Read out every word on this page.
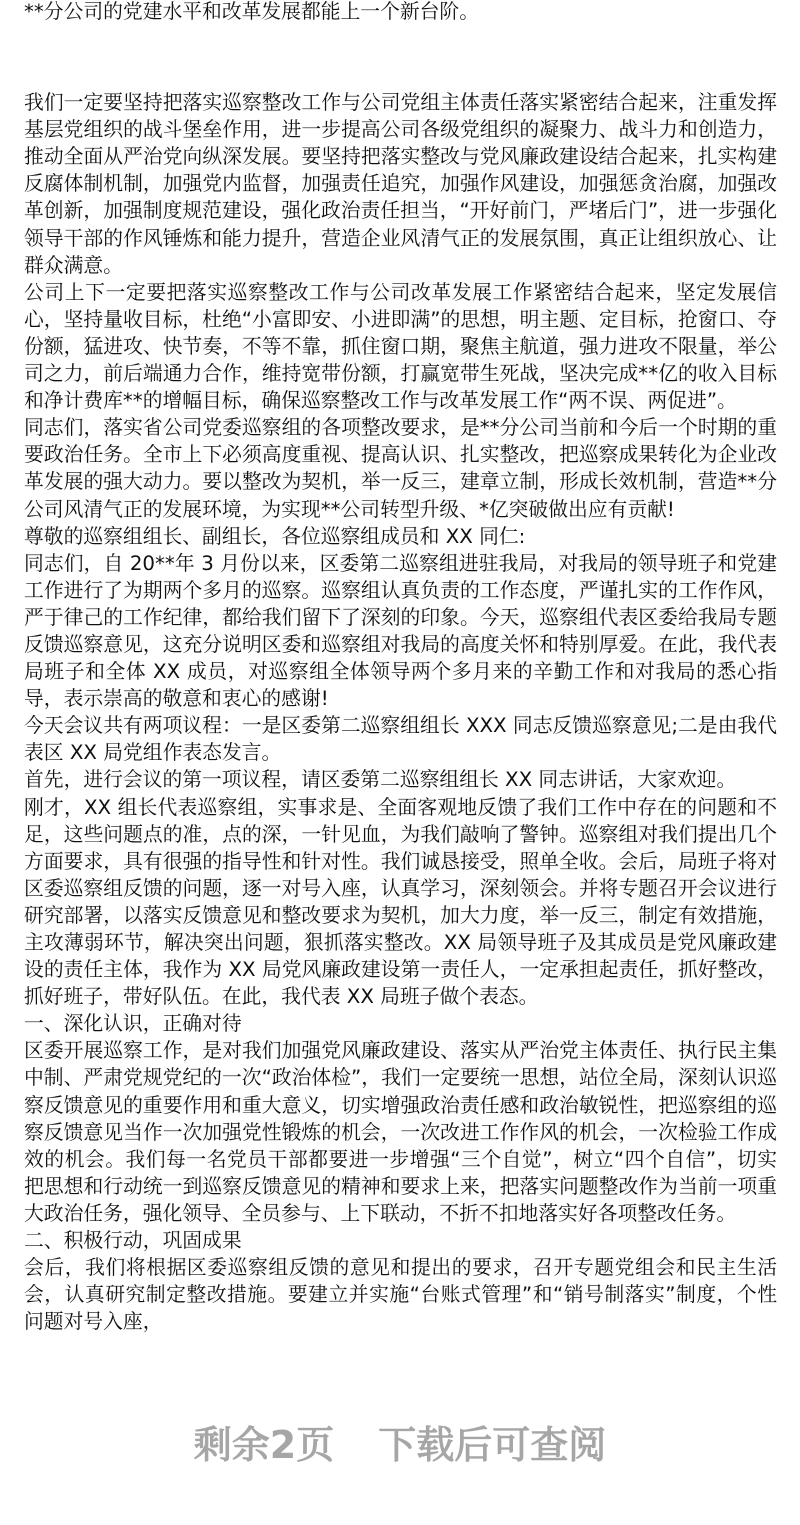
**分公司的党建水平和改革发展都能上一个新台阶。

我们一定要坚持把落实巡察整改工作与公司党组主体责任落实紧密结合起来，注重发挥基层党组织的战斗堡垒作用，进一步提高公司各级党组织的凝聚力、战斗力和创造力，推动全面从严治党向纵深发展。要坚持把落实整改与党风廉政建设结合起来，扎实构建反腐体制机制，加强党内监督，加强责任追究，加强作风建设，加强惩贪治腐，加强改革创新，加强制度规范建设，强化政治责任担当，“开好前门，严堵后门”，进一步强化领导干部的作风锤炼和能力提升，营造企业风清气正的发展氛围，真正让组织放心、让群众满意。

公司上下一定要把落实巡察整改工作与公司改革发展工作紧密结合起来，坚定发展信心，坚持量收目标，杜绝“小富即安、小进即满”的思想，明主题、定目标，抢窗口、夺份额，猛进攻、快节奏，不等不靠，抓住窗口期，聚焦主航道，强力进攻不限量，举公司之力，前后端通力合作，维持宽带份额，打赢宽带生死战，坚决完成**亿的收入目标和净计费库**的增幅目标，确保巡察整改工作与改革发展工作“两不误、两促进”。

同志们，落实省公司党委巡察组的各项整改要求，是**分公司当前和今后一个时期的重要政治任务。全市上下必须高度重视、提高认识、扎实整改，把巡察成果转化为企业改革发展的强大动力。要以整改为契机，举一反三，建章立制，形成长效机制，营造**分公司风清气正的发展环境，为实现**公司转型升级、*亿突破做出应有贡献!

尊敬的巡察组组长、副组长，各位巡察组成员和 XX 同仁:

同志们，自 20**年 3 月份以来，区委第二巡察组进驻我局，对我局的领导班子和党建工作进行了为期两个多月的巡察。巡察组认真负责的工作态度，严谨扎实的工作作风，严于律己的工作纪律，都给我们留下了深刻的印象。今天，巡察组代表区委给我局专题反馈巡察意见，这充分说明区委和巡察组对我局的高度关怀和特别厚爱。在此，我代表局班子和全体 XX 成员，对巡察组全体领导两个多月来的辛勤工作和对我局的悉心指导，表示崇高的敬意和衷心的感谢!

今天会议共有两项议程：一是区委第二巡察组组长 XXX 同志反馈巡察意见;二是由我代表区 XX 局党组作表态发言。

首先，进行会议的第一项议程，请区委第二巡察组组长 XX 同志讲话，大家欢迎。

刚才，XX 组长代表巡察组，实事求是、全面客观地反馈了我们工作中存在的问题和不足，这些问题点的准，点的深，一针见血，为我们敲响了警钟。巡察组对我们提出几个方面要求，具有很强的指导性和针对性。我们诚恳接受，照单全收。会后，局班子将对区委巡察组反馈的问题，逐一对号入座，认真学习，深刻领会。并将专题召开会议进行研究部署，以落实反馈意见和整改要求为契机，加大力度，举一反三，制定有效措施，主攻薄弱环节，解决突出问题，狠抓落实整改。XX 局领导班子及其成员是党风廉政建设的责任主体，我作为 XX 局党风廉政建设第一责任人，一定承担起责任，抓好整改，抓好班子，带好队伍。在此，我代表 XX 局班子做个表态。

一、深化认识，正确对待

区委开展巡察工作，是对我们加强党风廉政建设、落实从严治党主体责任、执行民主集中制、严肃党规党纪的一次“政治体检”，我们一定要统一思想，站位全局，深刻认识巡察反馈意见的重要作用和重大意义，切实增强政治责任感和政治敏锐性，把巡察组的巡察反馈意见当作一次加强党性锻炼的机会，一次改进工作作风的机会，一次检验工作成效的机会。我们每一名党员干部都要进一步增强“三个自觉”，树立“四个自信”，切实把思想和行动统一到巡察反馈意见的精神和要求上来，把落实问题整改作为当前一项重大政治任务，强化领导、全员参与、上下联动，不折不扣地落实好各项整改任务。

二、积极行动，巩固成果

会后，我们将根据区委巡察组反馈的意见和提出的要求，召开专题党组会和民主生活会，认真研究制定整改措施。要建立并实施“台账式管理”和“销号制落实”制度，个性问题对号入座，

剩余2页 下载后可查阅
